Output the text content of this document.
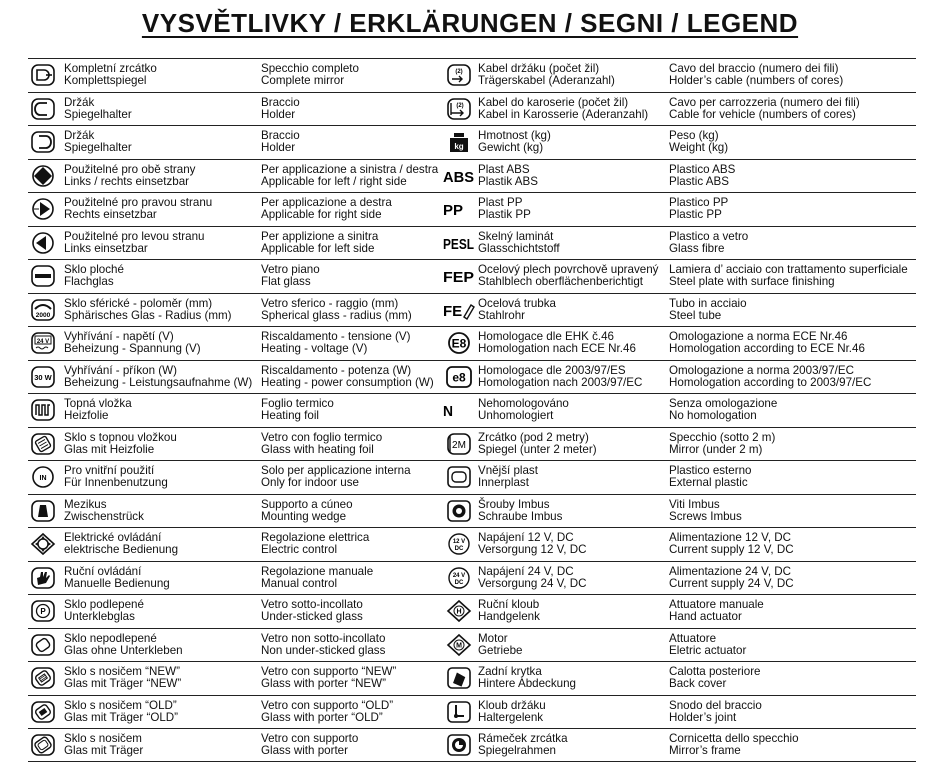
VYSVĚTLIVKY / ERKLÄRUNGEN / SEGNI / LEGEND
Kompletní zrcátko
Komplettspiegel
Specchio completo
Complete mirror
Držák
Spiegelhalter
Braccio
Holder
Držák
Spiegelhalter
Braccio
Holder
Použitelné pro obě strany
Links / rechts einsetzbar
Per applicazione a sinistra / destra
Applicable for left / right side
Použitelné pro pravou stranu
Rechts einsetzbar
Per applicazione a destra
Applicable for right side
Použitelné pro levou stranu
Links einsetzbar
Per applizione a sinitra
Applicable for left side
Sklo ploché
Flachglas
Vetro piano
Flat glass
2000
Sklo sférické - poloměr (mm)
Sphärisches Glas - Radius (mm)
Vetro sferico - raggio (mm)
Spherical glass - radius (mm)
24 V Vyhřívání - napětí (V)
Beheizung - Spannung (V)
Riscaldamento - tensione (V)
Heating - voltage (V)
30 W
Vyhřívání - příkon (W)
Beheizung - Leistungsaufnahme (W)
Riscaldamento - potenza (W)
Heating - power consumption (W)
Topná vložka
Heizfolie
Foglio termico
Heating foil
Sklo s topnou vložkou
Glas mit Heizfolie
Vetro con foglio termico
Glass with heating foil
IN
Pro vnitřní použití
Für Innenbenutzung
Solo per applicazione interna
Only for indoor use
Mezikus
Zwischenstrück
Supporto a cúneo
Mounting wedge
Elektrické ovládání
elektrische Bedienung
Regolazione elettrica
Electric control
Ruční ovládání
Manuelle Bedienung
Regolazione manuale
Manual control
P
Sklo podlepené
Unterklebglas
Vetro sotto-incollato
Under-sticked glass
Sklo nepodlepené
Glas ohne Unterkleben
Vetro non sotto-incollato
Non under-sticked glass
Sklo s nosičem “NEW”
Glas mit Träger “NEW”
Vetro con supporto “NEW”
Glass with porter “NEW”
Sklo s nosičem “OLD”
Glas mit Träger “OLD”
Vetro con supporto “OLD”
Glass with porter “OLD”
Sklo s nosičem
Glas mit Träger
Vetro con supporto
Glass with porter
(2) Kabel držáku (počet žil)
Trägerskabel (Aderanzahl)
Cavo del braccio (numero dei fili)
Holder’s cable (numbers of cores)
(2) Kabel do karoserie (počet žil)
Kabel in Karosserie (Aderanzahl)
Cavo per carrozzeria (numero dei fili)
Cable for vehicle (numbers of cores)
kg
Hmotnost (kg)
Gewicht (kg)
Peso (kg)
Weight (kg)
ABS Plast ABS
Plastik ABS
Plastico ABS
Plastic ABS
PP Plast PP
Plastik PP
Plastico PP
Plastic PP
PESL Skelný laminát
Glasschichtstoff
Plastico a vetro
Glass fibre
FEP Ocelový plech povrchově upravený
Stahlblech oberflächenberichtigt
Lamiera d’ acciaio con trattamento superficiale
Steel plate with surface finishing
FE Ocelová trubka
Stahlrohr
Tubo in acciaio
Steel tube
E8 Homologace dle EHK č.46
Homologation nach ECE Nr.46
Omologazione a norma ECE Nr.46
Homologation according to ECE Nr.46
e8 Homologace dle 2003/97/ES
Homologation nach 2003/97/EC
Omologazione a norma 2003/97/EC
Homologation according to 2003/97/EC
N Nehomologováno
Unhomologiert
Senza omologazione
No homologation
2M
Zrcátko (pod 2 metry)
Spiegel (unter 2 meter)
Specchio (sotto 2 m)
Mirror (under 2 m)
Vnější plast
Innerplast
Plastico esterno
External plastic
Šrouby Imbus
Schraube Imbus
Viti Imbus
Screws Imbus
12 V
DC
Napájení 12 V, DC
Versorgung 12 V, DC
Alimentazione 12 V, DC
Current supply 12 V, DC
24 V
DC
Napájení 24 V, DC
Versorgung 24 V, DC
Alimentazione 24 V, DC
Current supply 24 V, DC
H
Ruční kloub
Handgelenk
Attuatore manuale
Hand actuator
M
Motor
Getriebe
Attuatore
Eletric actuator
Zadní krytka
Hintere Abdeckung
Calotta posteriore
Back cover
Kloub držáku
Haltergelenk
Snodo del braccio
Holder’s joint
Rámeček zrcátka
Spiegelrahmen
Cornicetta dello specchio
Mirror’s frame
